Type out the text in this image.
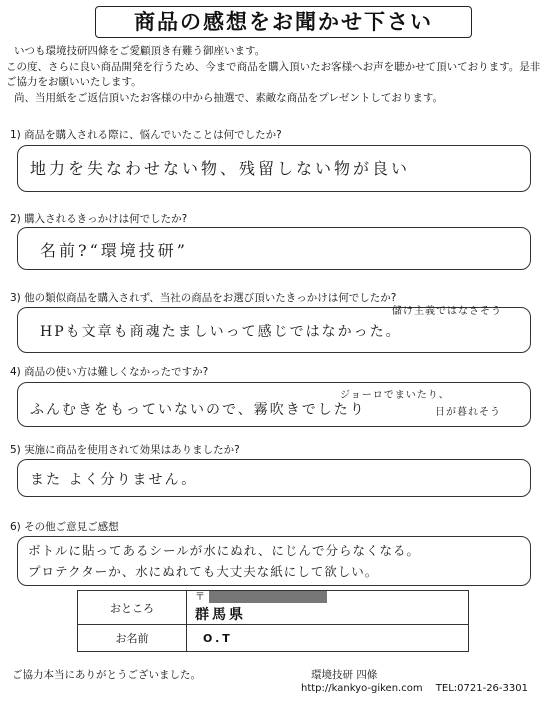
商品の感想をお聞かせ下さい
いつも環境技研四條をご愛顧頂き有難う御座います。
この度、さらに良い商品開発を行うため、今まで商品を購入頂いたお客様へお声を聴かせて頂いております。是非ご協力をお願いいたします。
尚、当用紙をご返信頂いたお客様の中から抽選で、素敵な商品をプレゼントしております。
1) 商品を購入される際に、悩んでいたことは何でしたか?
地力を失なわせない物、残留しない物が良い
2) 購入されるきっかけは何でしたか?
名前?“環境技研”
3) 他の類似商品を購入されず、当社の商品をお選び頂いたきっかけは何でしたか?
HPも文章も商魂たましいって感じではなかった。
儲け主義ではなさそう
4) 商品の使い方は難しくなかったですか?
ふんむきをもっていないので、霧吹きでしたり
ジョーロでまいたり、
日が暮れそう
5) 実施に商品を使用されて効果はありましたか?
また よく分りません。
6) その他ご意見ご感想
ボトルに貼ってあるシールが水にぬれ、にじんで分らなくなる。
プロテクターか、水にぬれても大丈夫な紙にして欲しい。
おところ	〒
群馬県
お名前	O.T
ご協力本当にありがとうございました。	環境技研 四條
http://kankyo-giken.com TEL:0721-26-3301
